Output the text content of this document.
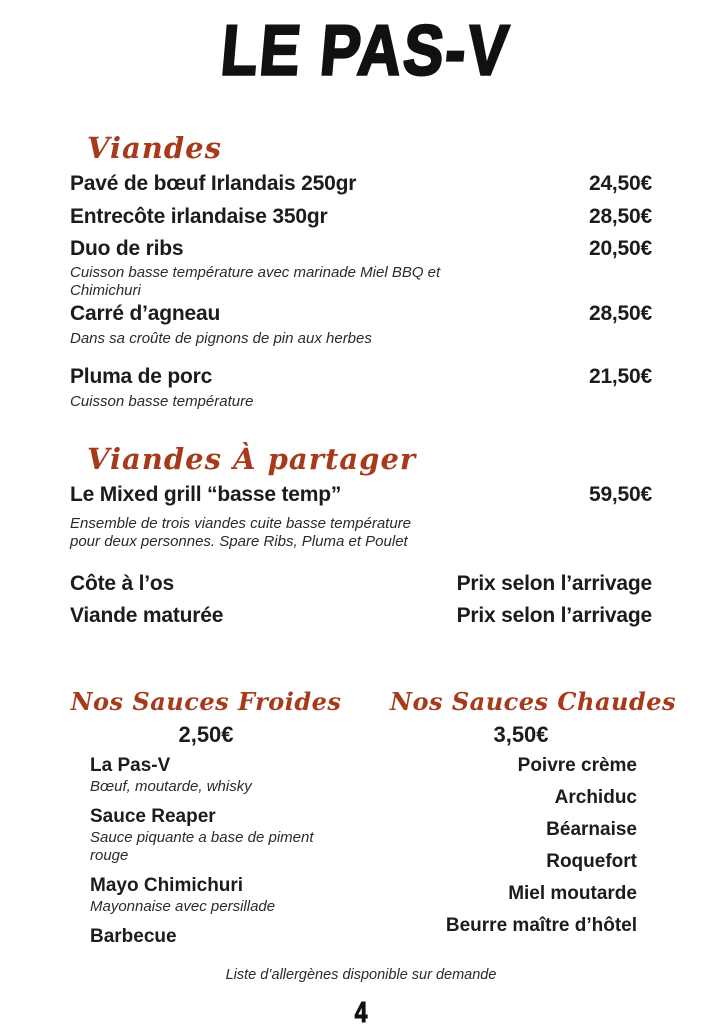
LE PAS-V
Viandes
Pavé de bœuf Irlandais 250gr	24,50€
Entrecôte irlandaise 350gr	28,50€
Duo de ribs	20,50€
Cuisson basse température avec marinade Miel BBQ et Chimichuri
Carré d’agneau	28,50€
Dans sa croûte de pignons de pin aux herbes
Pluma de porc	21,50€
Cuisson basse température
Viandes À partager
Le Mixed grill “basse temp”	59,50€
Ensemble de trois viandes cuite basse température pour deux personnes. Spare Ribs, Pluma et Poulet
Côte à l’os	Prix selon l’arrivage
Viande maturée	Prix selon l’arrivage
Nos Sauces Froides
2,50€
La Pas-V
Bœuf, moutarde, whisky
Sauce Reaper
Sauce piquante a base de piment rouge
Mayo Chimichuri
Mayonnaise avec persillade
Barbecue
Nos Sauces Chaudes
3,50€
Poivre crème
Archiduc
Béarnaise
Roquefort
Miel moutarde
Beurre maître d’hôtel
Liste d’allergènes disponible sur demande
4
